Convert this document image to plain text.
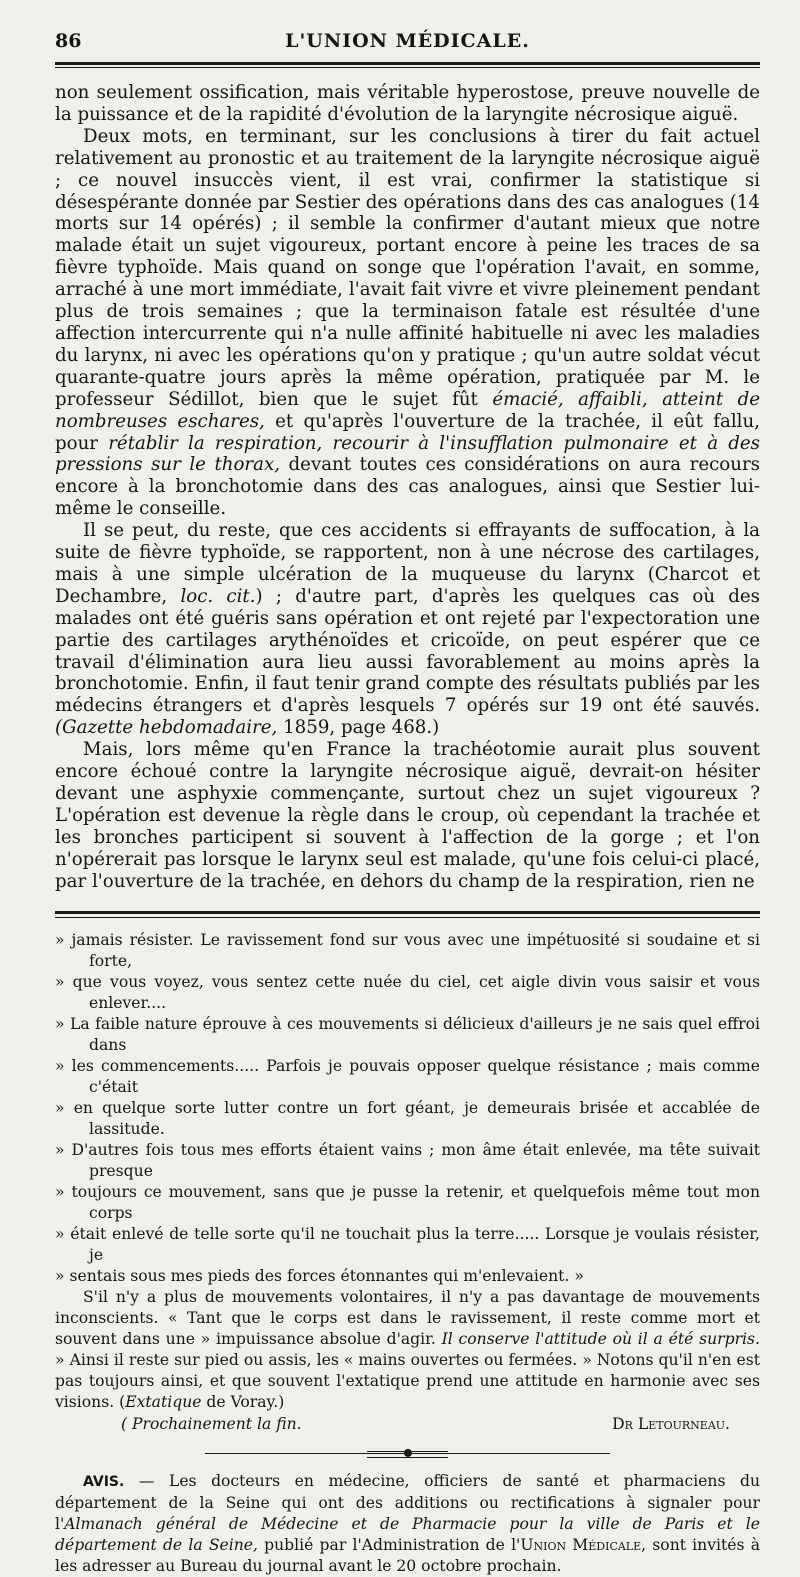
86	L'UNION MÉDICALE.

non seulement ossification, mais véritable hyperostose, preuve nouvelle de la puissance et de la rapidité d'évolution de la laryngite nécrosique aiguë.

Deux mots, en terminant, sur les conclusions à tirer du fait actuel relativement au pronostic et au traitement de la laryngite nécrosique aiguë ; ce nouvel insuccès vient, il est vrai, confirmer la statistique si désespérante donnée par Sestier des opérations dans des cas analogues (14 morts sur 14 opérés) ; il semble la confirmer d'autant mieux que notre malade était un sujet vigoureux, portant encore à peine les traces de sa fièvre typhoïde. Mais quand on songe que l'opération l'avait, en somme, arraché à une mort immédiate, l'avait fait vivre et vivre pleinement pendant plus de trois semaines ; que la terminaison fatale est résultée d'une affection intercurrente qui n'a nulle affinité habituelle ni avec les maladies du larynx, ni avec les opérations qu'on y pratique ; qu'un autre soldat vécut quarante-quatre jours après la même opération, pratiquée par M. le professeur Sédillot, bien que le sujet fût émacié, affaibli, atteint de nombreuses eschares, et qu'après l'ouverture de la trachée, il eût fallu, pour rétablir la respiration, recourir à l'insufflation pulmonaire et à des pressions sur le thorax, devant toutes ces considérations on aura recours encore à la bronchotomie dans des cas analogues, ainsi que Sestier lui-même le conseille.

Il se peut, du reste, que ces accidents si effrayants de suffocation, à la suite de fièvre typhoïde, se rapportent, non à une nécrose des cartilages, mais à une simple ulcération de la muqueuse du larynx (Charcot et Dechambre, loc. cit.) ; d'autre part, d'après les quelques cas où des malades ont été guéris sans opération et ont rejeté par l'expectoration une partie des cartilages arythénoïdes et cricoïde, on peut espérer que ce travail d'élimination aura lieu aussi favorablement au moins après la bronchotomie. Enfin, il faut tenir grand compte des résultats publiés par les médecins étrangers et d'après lesquels 7 opérés sur 19 ont été sauvés. (Gazette hebdomadaire, 1859, page 468.)

Mais, lors même qu'en France la trachéotomie aurait plus souvent encore échoué contre la laryngite nécrosique aiguë, devrait-on hésiter devant une asphyxie commençante, surtout chez un sujet vigoureux ? L'opération est devenue la règle dans le croup, où cependant la trachée et les bronches participent si souvent à l'affection de la gorge ; et l'on n'opérerait pas lorsque le larynx seul est malade, qu'une fois celui-ci placé, par l'ouverture de la trachée, en dehors du champ de la respiration, rien ne

» jamais résister. Le ravissement fond sur vous avec une impétuosité si soudaine et si forte,

» que vous voyez, vous sentez cette nuée du ciel, cet aigle divin vous saisir et vous enlever....

» La faible nature éprouve à ces mouvements si délicieux d'ailleurs je ne sais quel effroi dans

» les commencements..... Parfois je pouvais opposer quelque résistance ; mais comme c'était

» en quelque sorte lutter contre un fort géant, je demeurais brisée et accablée de lassitude.

» D'autres fois tous mes efforts étaient vains ; mon âme était enlevée, ma tête suivait presque

» toujours ce mouvement, sans que je pusse la retenir, et quelquefois même tout mon corps

» était enlevé de telle sorte qu'il ne touchait plus la terre..... Lorsque je voulais résister, je

» sentais sous mes pieds des forces étonnantes qui m'enlevaient. »

S'il n'y a plus de mouvements volontaires, il n'y a pas davantage de mouvements inconscients. « Tant que le corps est dans le ravissement, il reste comme mort et souvent dans une » impuissance absolue d'agir. Il conserve l'attitude où il a été surpris. » Ainsi il reste sur pied ou assis, les « mains ouvertes ou fermées. » Notons qu'il n'en est pas toujours ainsi, et que souvent l'extatique prend une attitude en harmonie avec ses visions. (Extatique de Voray.)

( Prochainement la fin.	Dr Letourneau.

AVIS. — Les docteurs en médecine, officiers de santé et pharmaciens du département de la Seine qui ont des additions ou rectifications à signaler pour l'Almanach général de Médecine et de Pharmacie pour la ville de Paris et le département de la Seine, publié par l'Administration de l'Union Médicale, sont invités à les adresser au Bureau du journal avant le 20 octobre prochain.
